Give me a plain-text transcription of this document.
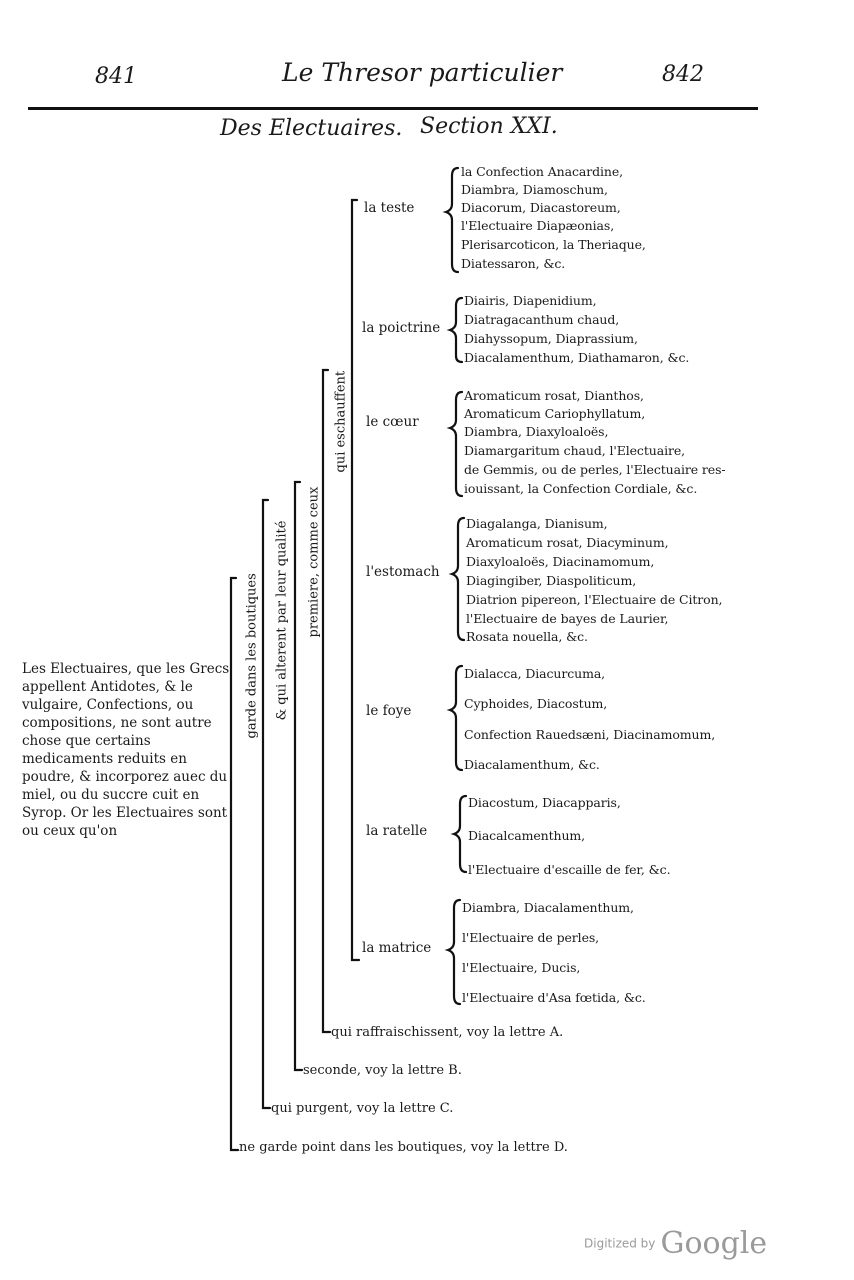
841	Le Thresor particulier	842
Des Electuaires. Section XXI.
Les Electuaires, que les Grecs appellent Antidotes, & le vulgaire, Confections, ou compositions, ne sont autre chose que certains medicaments reduits en poudre, & incorporez auec du miel, ou du succre cuit en Syrop. Or les Electuaires sont ou ceux qu'on
garde dans les boutiques & qui alterent par leur qualité premiere, comme ceux
qui eschauffent
la teste
la poictrine
le cœur
l'estomach
le foye
la ratelle
la matrice
la Confection Anacardine,
Diambra, Diamoschum,
Diacorum, Diacastoreum,
l'Electuaire Diapæonias,
Plerisarcoticon, la Theriaque,
Diatessaron, &c.
Diairis, Diapenidium,
Diatragacanthum chaud,
Diahyssopum, Diaprassium,
Diacalamenthum, Diathamaron, &c.
Aromaticum rosat, Dianthos,
Aromaticum Cariophyllatum,
Diambra, Diaxyloaloës,
Diamargaritum chaud, l'Electuaire,
de Gemmis, ou de perles, l'Electuaire res-
iouissant, la Confection Cordiale, &c.
Diagalanga, Dianisum,
Aromaticum rosat, Diacyminum,
Diaxyloaloës, Diacinamomum,
Diagingiber, Diaspoliticum,
Diatrion pipereon, l'Electuaire de Citron,
l'Electuaire de bayes de Laurier,
Rosata nouella, &c.
Dialacca, Diacurcuma,
Cyphoides, Diacostum,
Confection Rauedsæni, Diacinamomum,
Diacalamenthum, &c.
Diacostum, Diacapparis,
Diacalcamenthum,
l'Electuaire d'escaille de fer, &c.
Diambra, Diacalamenthum,
l'Electuaire de perles,
l'Electuaire, Ducis,
l'Electuaire d'Asa fœtida, &c.
qui raffraischissent, voy la lettre A.
seconde, voy la lettre B.
qui purgent, voy la lettre C.
ne garde point dans les boutiques, voy la lettre D.
Digitized by Google
